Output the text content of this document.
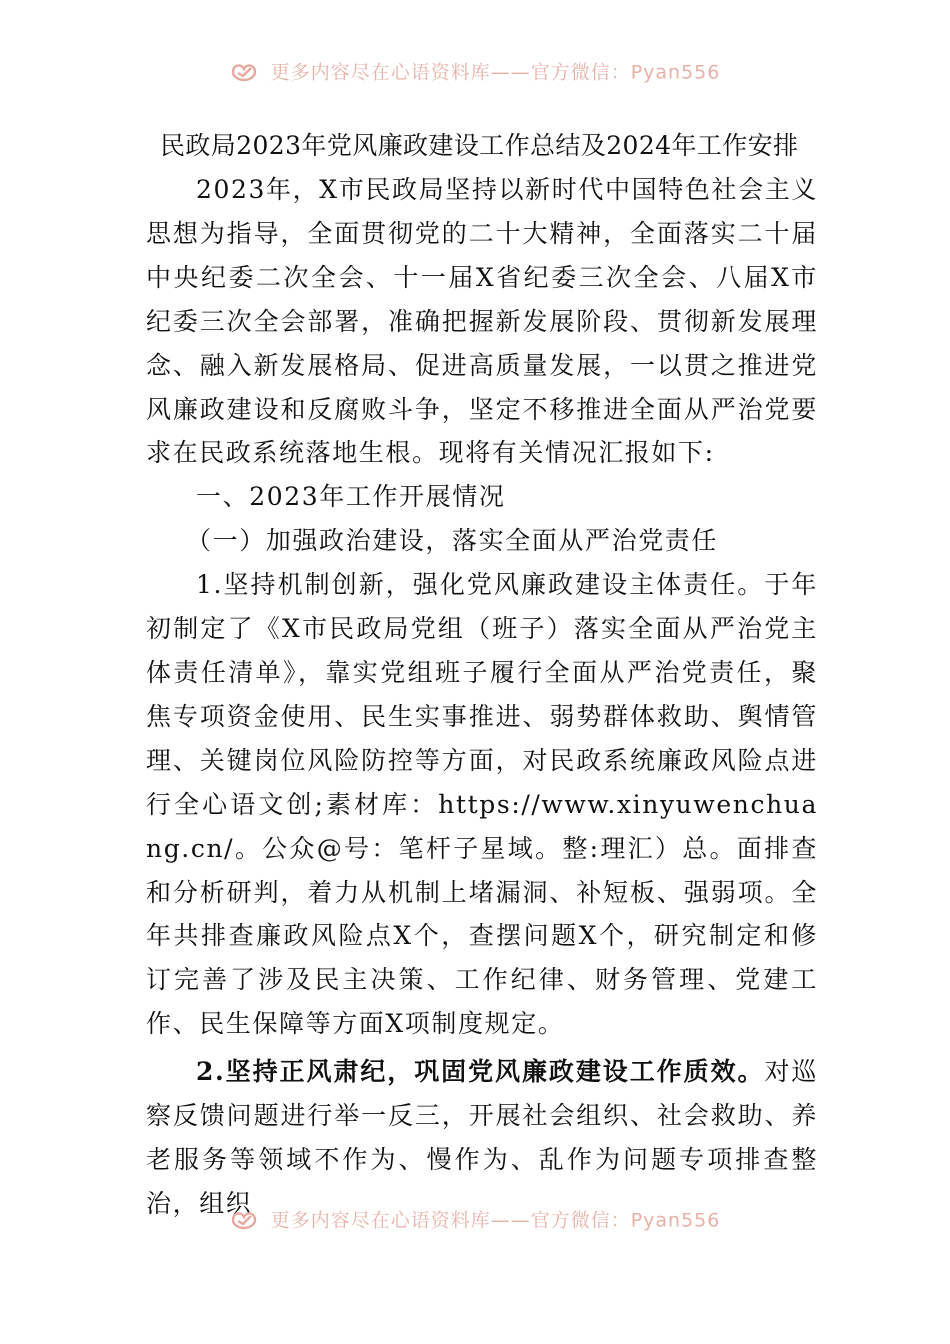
更多内容尽在心语资料库——官方微信：Pyan556

民政局2023年党风廉政建设工作总结及2024年工作安排

2023年，X市民政局坚持以新时代中国特色社会主义思想为指导，全面贯彻党的二十大精神，全面落实二十届中央纪委二次全会、十一届X省纪委三次全会、八届X市纪委三次全会部署，准确把握新发展阶段、贯彻新发展理念、融入新发展格局、促进高质量发展，一以贯之推进党风廉政建设和反腐败斗争，坚定不移推进全面从严治党要求在民政系统落地生根。现将有关情况汇报如下:

一、2023年工作开展情况

（一）加强政治建设，落实全面从严治党责任

1.坚持机制创新，强化党风廉政建设主体责任。于年初制定了《X市民政局党组（班子）落实全面从严治党主体责任清单》，靠实党组班子履行全面从严治党责任，聚焦专项资金使用、民生实事推进、弱势群体救助、舆情管理、关键岗位风险防控等方面，对民政系统廉政风险点进行全心语文创;素材库：https://www.xinyuwenchuang.cn/。公众@号：笔杆子星域。整:理汇）总。面排查和分析研判，着力从机制上堵漏洞、补短板、强弱项。全年共排查廉政风险点X个，查摆问题X个，研究制定和修订完善了涉及民主决策、工作纪律、财务管理、党建工作、民生保障等方面X项制度规定。

2.坚持正风肃纪，巩固党风廉政建设工作质效。对巡察反馈问题进行举一反三，开展社会组织、社会救助、养老服务等领域不作为、慢作为、乱作为问题专项排查整治，组织

更多内容尽在心语资料库——官方微信：Pyan556
